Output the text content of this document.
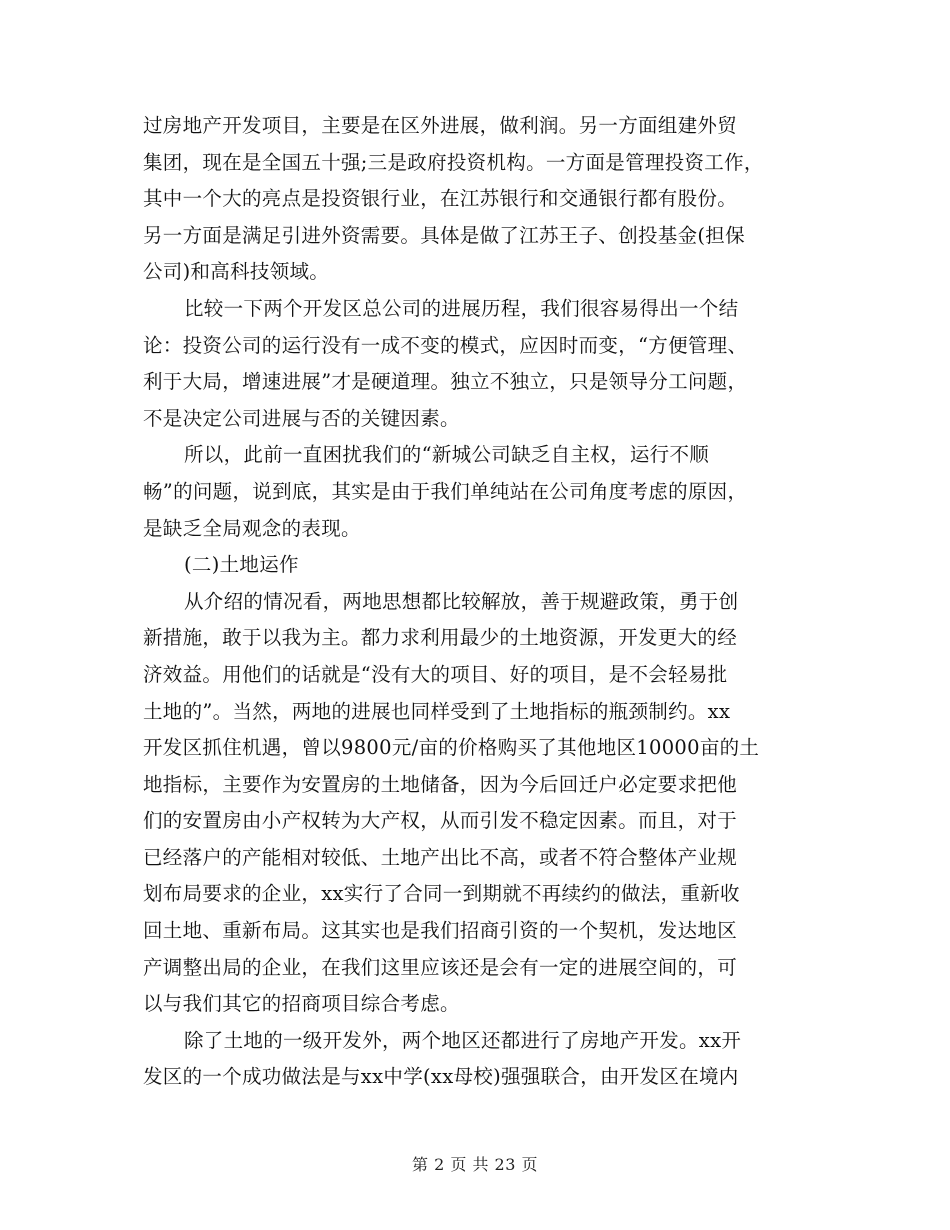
过房地产开发项目，主要是在区外进展，做利润。另一方面组建外贸
集团，现在是全国五十强;三是政府投资机构。一方面是管理投资工作，
其中一个大的亮点是投资银行业，在江苏银行和交通银行都有股份。
另一方面是满足引进外资需要。具体是做了江苏王子、创投基金(担保
公司)和高科技领域。
比较一下两个开发区总公司的进展历程，我们很容易得出一个结
论：投资公司的运行没有一成不变的模式，应因时而变，“方便管理、
利于大局，增速进展”才是硬道理。独立不独立，只是领导分工问题，
不是决定公司进展与否的关键因素。
所以，此前一直困扰我们的“新城公司缺乏自主权，运行不顺
畅”的问题，说到底，其实是由于我们单纯站在公司角度考虑的原因，
是缺乏全局观念的表现。
(二)土地运作
从介绍的情况看，两地思想都比较解放，善于规避政策，勇于创
新措施，敢于以我为主。都力求利用最少的土地资源，开发更大的经
济效益。用他们的话就是“没有大的项目、好的项目，是不会轻易批
土地的”。当然，两地的进展也同样受到了土地指标的瓶颈制约。xx
开发区抓住机遇，曾以9800元/亩的价格购买了其他地区10000亩的土
地指标，主要作为安置房的土地储备，因为今后回迁户必定要求把他
们的安置房由小产权转为大产权，从而引发不稳定因素。而且，对于
已经落户的产能相对较低、土地产出比不高，或者不符合整体产业规
划布局要求的企业，xx实行了合同一到期就不再续约的做法，重新收
回土地、重新布局。这其实也是我们招商引资的一个契机，发达地区
产调整出局的企业，在我们这里应该还是会有一定的进展空间的，可
以与我们其它的招商项目综合考虑。
除了土地的一级开发外，两个地区还都进行了房地产开发。xx开
发区的一个成功做法是与xx中学(xx母校)强强联合，由开发区在境内
第 2 页 共 23 页
